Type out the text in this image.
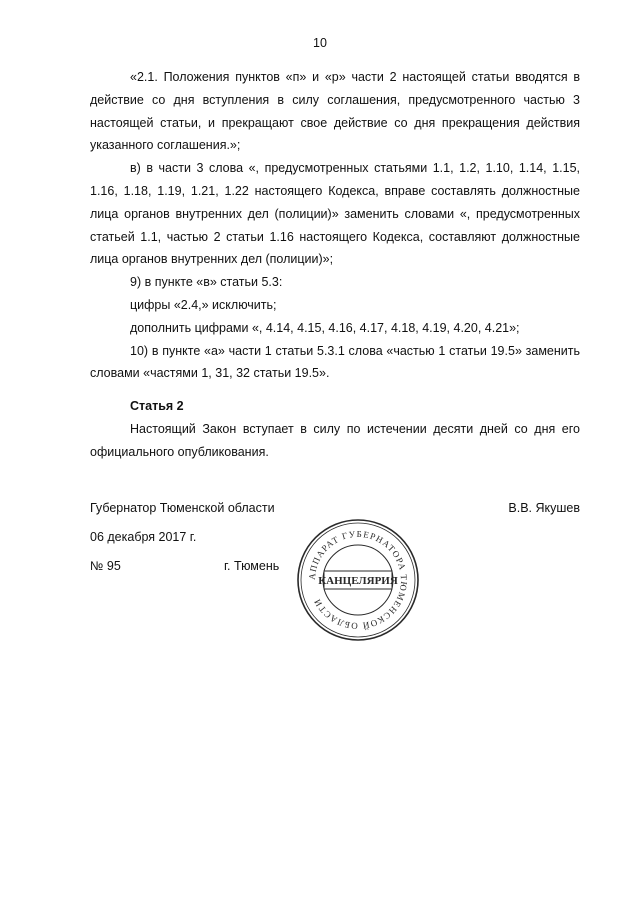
10

«2.1. Положения пунктов «п» и «р» части 2 настоящей статьи вводятся в действие со дня вступления в силу соглашения, предусмотренного частью 3 настоящей статьи, и прекращают свое действие со дня прекращения действия указанного соглашения.»;

в) в части 3 слова «, предусмотренных статьями 1.1, 1.2, 1.10, 1.14, 1.15, 1.16, 1.18, 1.19, 1.21, 1.22 настоящего Кодекса, вправе составлять должностные лица органов внутренних дел (полиции)» заменить словами «, предусмотренных статьей 1.1, частью 2 статьи 1.16 настоящего Кодекса, составляют должностные лица органов внутренних дел (полиции)»;

9) в пункте «в» статьи 5.3:

цифры «2.4,» исключить;

дополнить цифрами «, 4.14, 4.15, 4.16, 4.17, 4.18, 4.19, 4.20, 4.21»;

10) в пункте «а» части 1 статьи 5.3.1 слова «частью 1 статьи 19.5» заменить словами «частями 1, 31, 32 статьи 19.5».

Статья 2

Настоящий Закон вступает в силу по истечении десяти дней со дня его официального опубликования.

Губернатор Тюменской области	В.В. Якушев
06 декабря 2017 г.
№ 95	г. Тюмень
АППАРАТ ГУБЕРНАТОРА ТЮМЕНСКОЙ ОБЛАСТИ
КАНЦЕЛЯРИЯ
